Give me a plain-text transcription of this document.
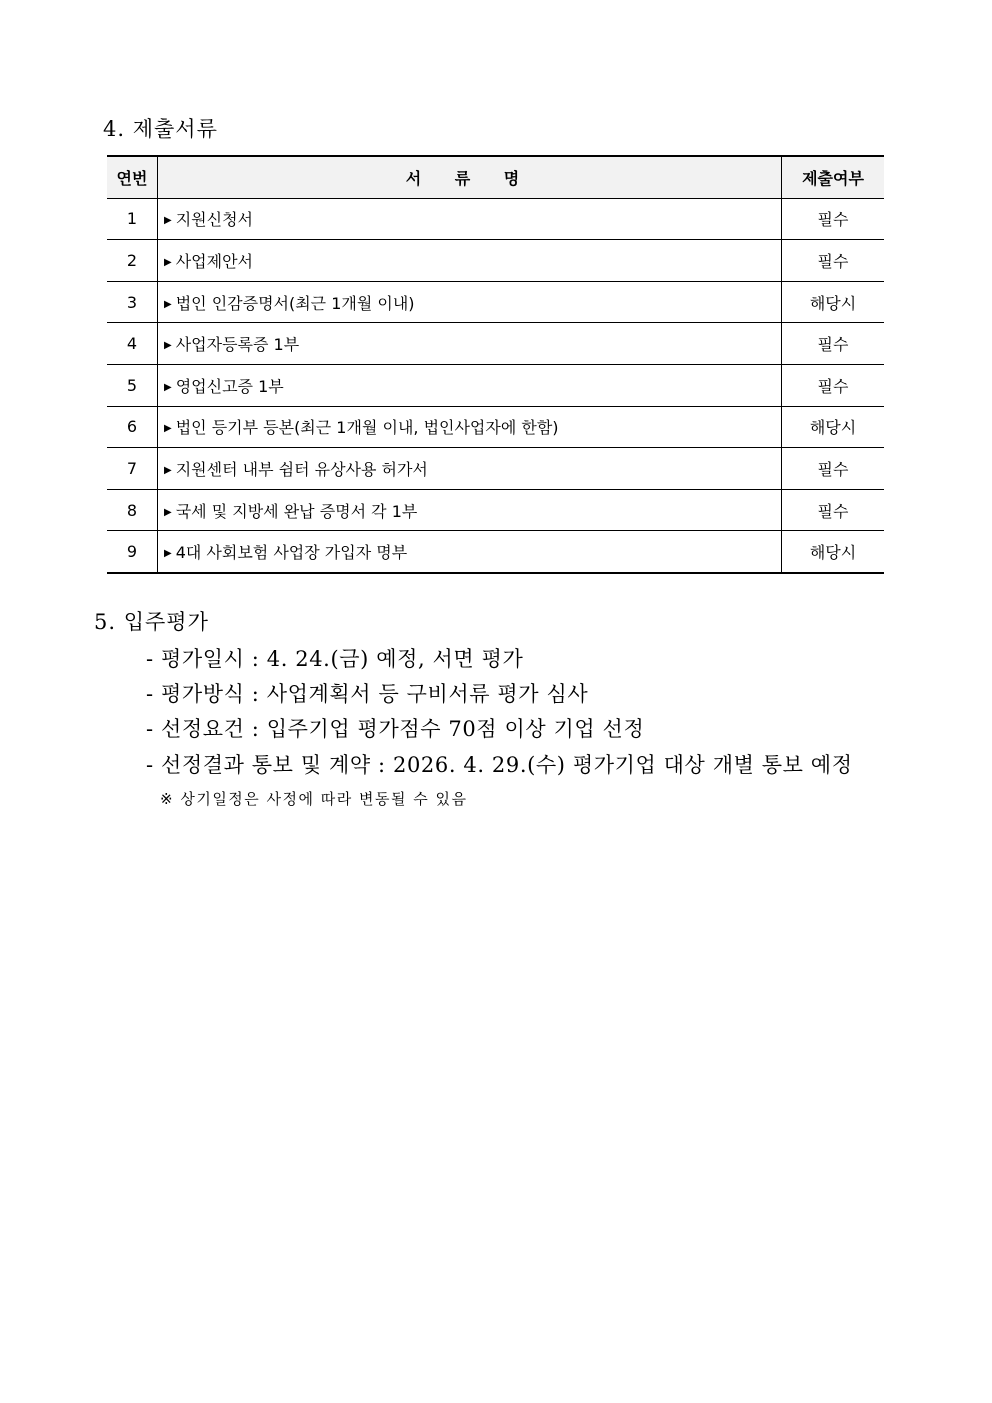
4. 제출서류
연번	서 류 명	제출여부
1	▶ 지원신청서	필수
2	▶ 사업제안서	필수
3	▶ 법인 인감증명서(최근 1개월 이내)	해당시
4	▶ 사업자등록증 1부	필수
5	▶ 영업신고증 1부	필수
6	▶ 법인 등기부 등본(최근 1개월 이내, 법인사업자에 한함)	해당시
7	▶ 지원센터 내부 쉼터 유상사용 허가서	필수
8	▶ 국세 및 지방세 완납 증명서 각 1부	필수
9	▶ 4대 사회보험 사업장 가입자 명부	해당시
5. 입주평가
- 평가일시 : 4. 24.(금) 예정, 서면 평가
- 평가방식 : 사업계획서 등 구비서류 평가 심사
- 선정요건 : 입주기업 평가점수 70점 이상 기업 선정
- 선정결과 통보 및 계약 : 2026. 4. 29.(수) 평가기업 대상 개별 통보 예정
※ 상기일정은 사정에 따라 변동될 수 있음
